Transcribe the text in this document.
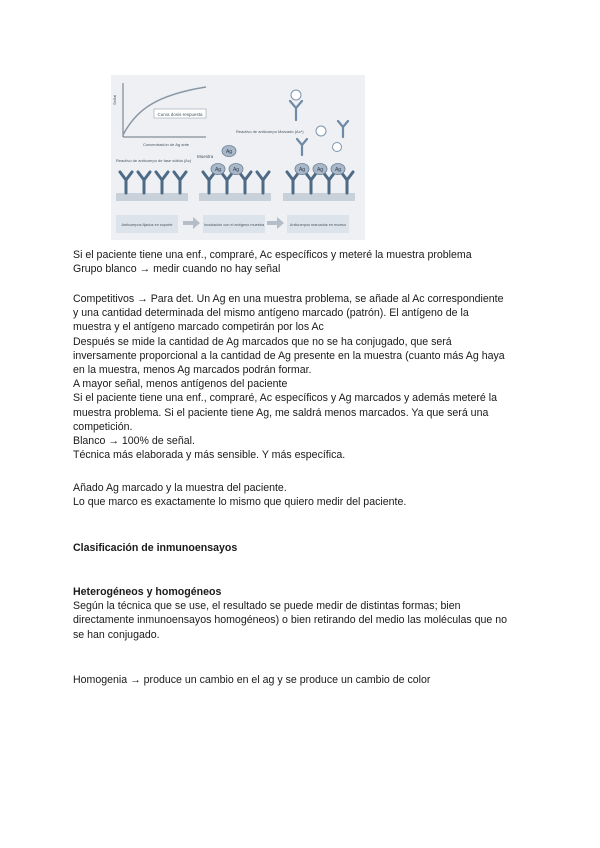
Curva dosis-respuesta
Concentración de Ag ante
Señal
Reactivo de anticuerpo de fase sólida (Ac)
Muestra
Reactivo de anticuerpo Marcado (Ac*)
Ag Ag
Ag
Ag Ag Ag
Anticuerpos fijados en soporte	Incubación con el antígeno muestra	Anticuerpos marcados en exceso

Si el paciente tiene una enf., compraré, Ac específicos y meteré la muestra problema

Grupo blanco → medir cuando no hay señal

Competitivos → Para det. Un Ag en una muestra problema, se añade al Ac correspondiente

y una cantidad determinada del mismo antígeno marcado (patrón). El antígeno de la

muestra y el antígeno marcado competirán por los Ac

Después se mide la cantidad de Ag marcados que no se ha conjugado, que será

inversamente proporcional a la cantidad de Ag presente en la muestra (cuanto más Ag haya

en la muestra, menos Ag marcados podrán formar.

A mayor señal, menos antígenos del paciente

Si el paciente tiene una enf., compraré, Ac específicos y Ag marcados y además meteré la

muestra problema. Si el paciente tiene Ag, me saldrá menos marcados. Ya que será una

competición.

Blanco → 100% de señal.

Técnica más elaborada y más sensible. Y más específica.

Añado Ag marcado y la muestra del paciente.

Lo que marco es exactamente lo mismo que quiero medir del paciente.

Clasificación de inmunoensayos

Heterogéneos y homogéneos

Según la técnica que se use, el resultado se puede medir de distintas formas; bien

directamente inmunoensayos homogéneos) o bien retirando del medio las moléculas que no

se han conjugado.

Homogenia → produce un cambio en el ag y se produce un cambio de color
